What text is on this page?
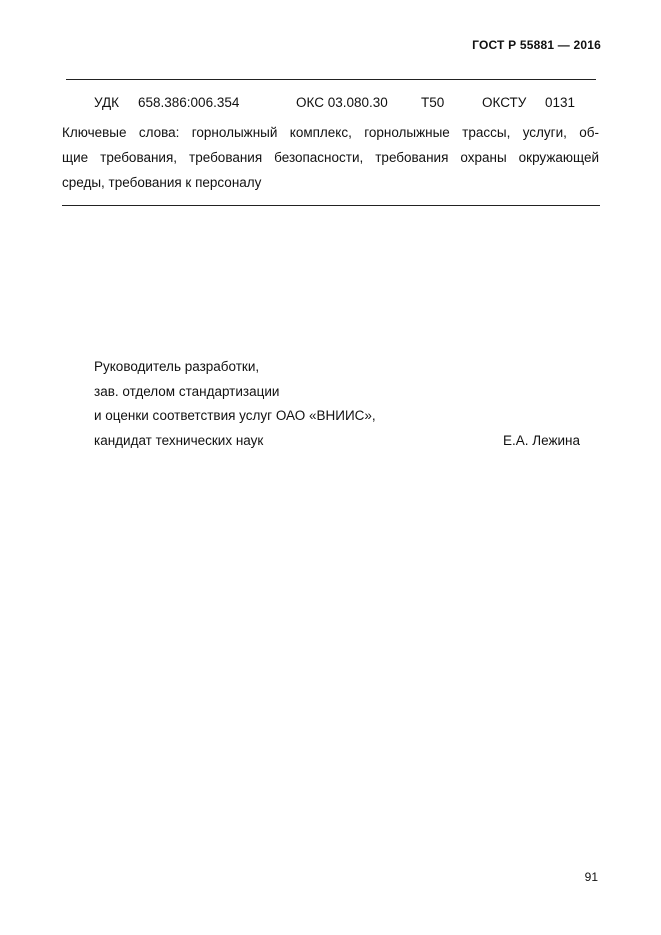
ГОСТ Р 55881 — 2016
УДК 658.386:006.354	ОКС 03.080.30 Т50	ОКСТУ 0131
Ключевые слова: горнолыжный комплекс, горнолыжные трассы, услуги, об-
щие требования, требования безопасности, требования охраны окружающей
среды, требования к персоналу
Руководитель разработки,
зав. отделом стандартизации
и оценки соответствия услуг ОАО «ВНИИС»,
кандидат технических наук	Е.А. Лежина
91
